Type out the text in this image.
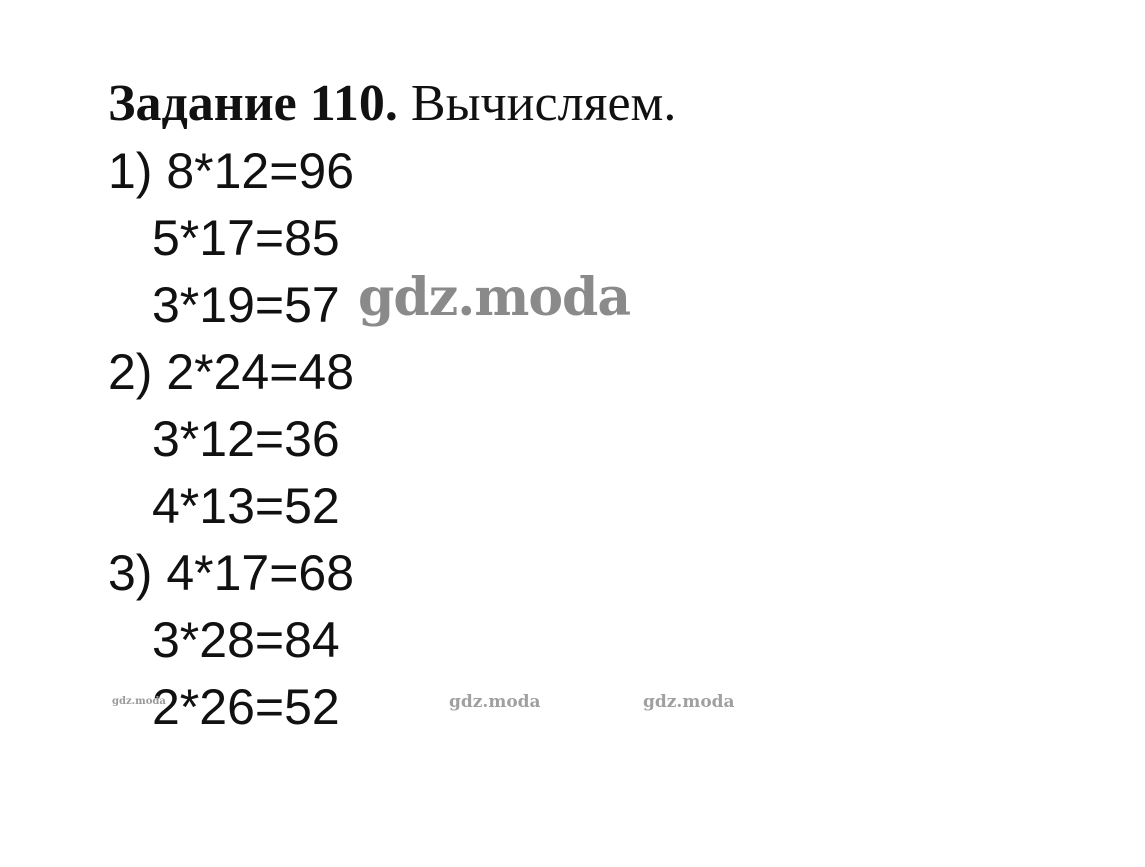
Задание 110. Вычисляем.
1) 8*12=96
5*17=85
3*19=57
2) 2*24=48
3*12=36
4*13=52
3) 4*17=68
3*28=84
2*26=52
gdz.moda
gdz.moda	gdz.moda	gdz.moda
